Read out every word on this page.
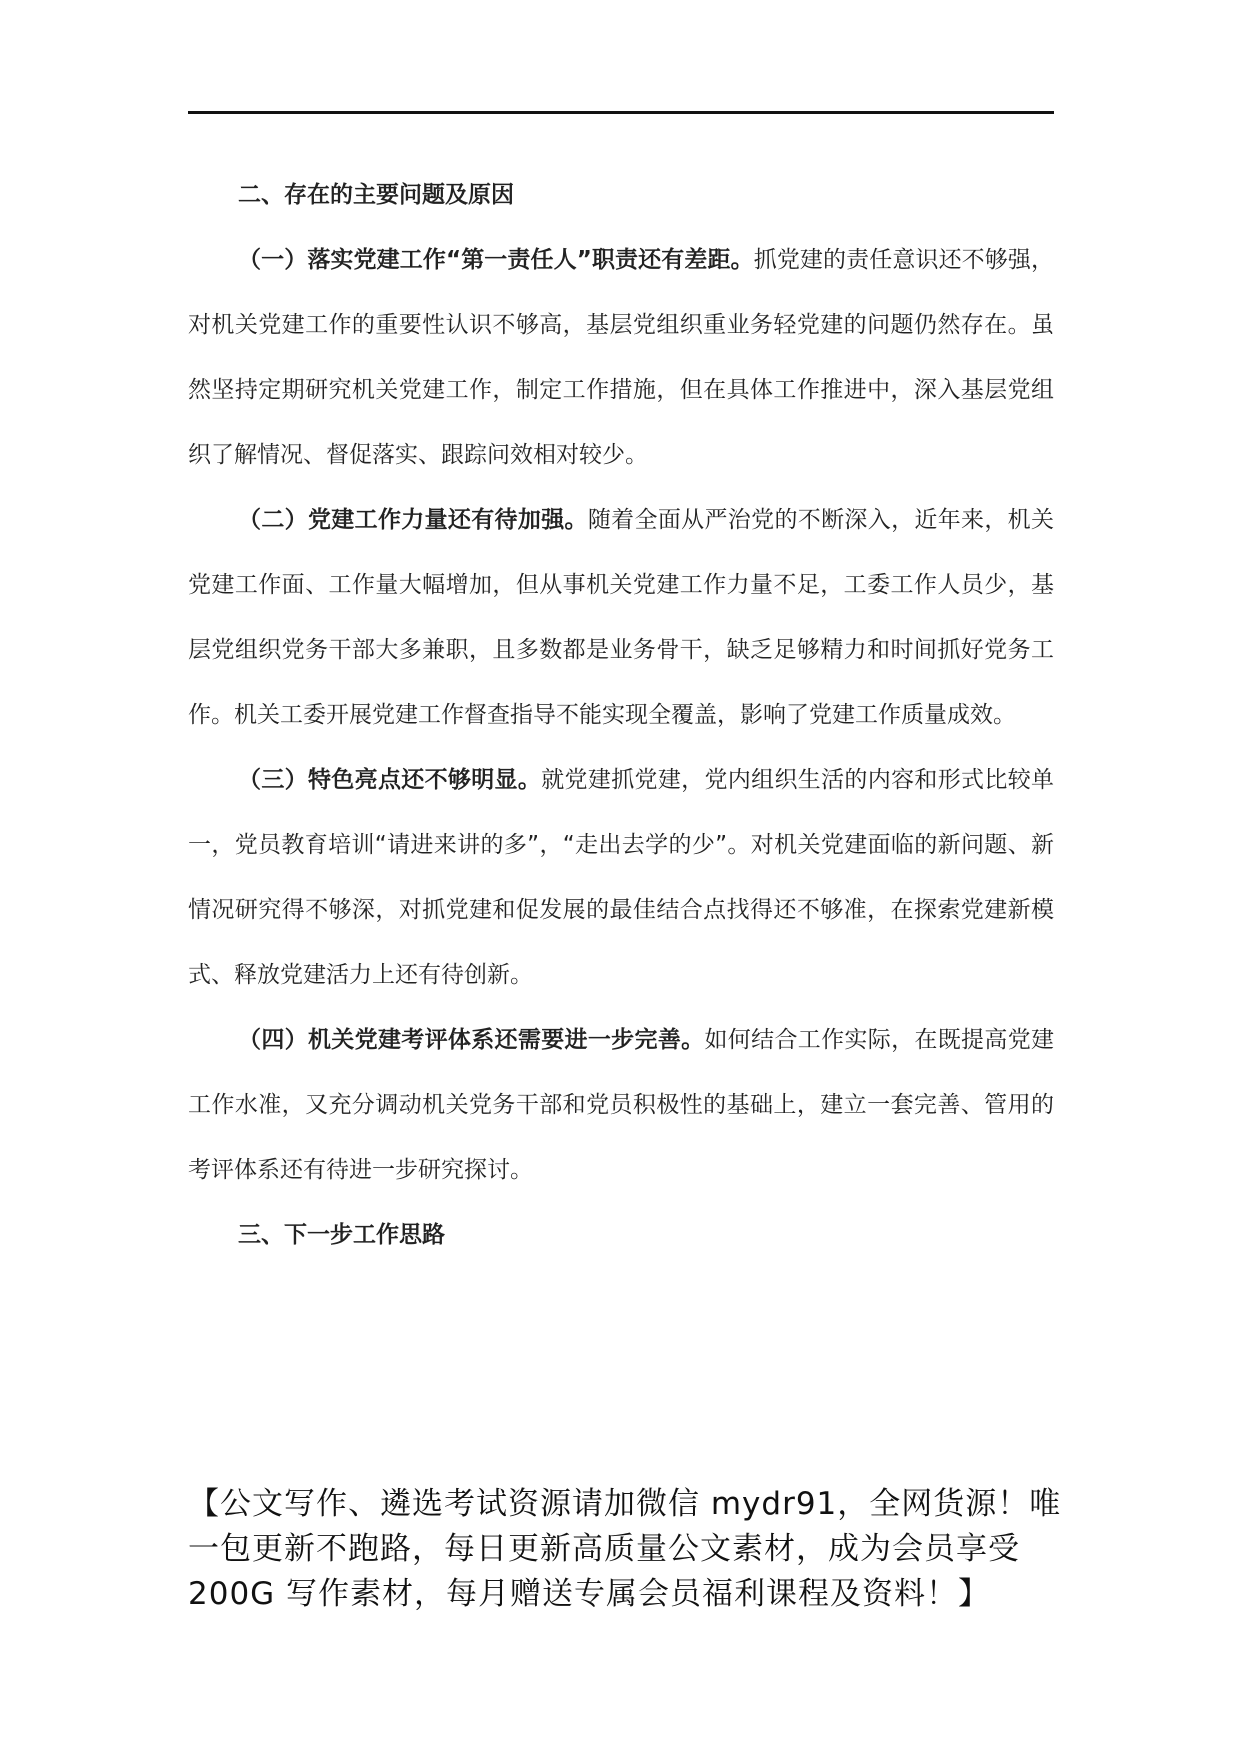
二、存在的主要问题及原因

（一）落实党建工作“第一责任人”职责还有差距。抓党建的责任意识还不够强，对机关党建工作的重要性认识不够高，基层党组织重业务轻党建的问题仍然存在。虽然坚持定期研究机关党建工作，制定工作措施，但在具体工作推进中，深入基层党组织了解情况、督促落实、跟踪问效相对较少。

（二）党建工作力量还有待加强。随着全面从严治党的不断深入，近年来，机关党建工作面、工作量大幅增加，但从事机关党建工作力量不足，工委工作人员少，基层党组织党务干部大多兼职，且多数都是业务骨干，缺乏足够精力和时间抓好党务工作。机关工委开展党建工作督查指导不能实现全覆盖，影响了党建工作质量成效。

（三）特色亮点还不够明显。就党建抓党建，党内组织生活的内容和形式比较单一，党员教育培训“请进来讲的多”，“走出去学的少”。对机关党建面临的新问题、新情况研究得不够深，对抓党建和促发展的最佳结合点找得还不够准，在探索党建新模式、释放党建活力上还有待创新。

（四）机关党建考评体系还需要进一步完善。如何结合工作实际，在既提高党建工作水准，又充分调动机关党务干部和党员积极性的基础上，建立一套完善、管用的考评体系还有待进一步研究探讨。

三、下一步工作思路

【公文写作、遴选考试资源请加微信 mydr91，全网货源！唯一包更新不跑路，每日更新高质量公文素材，成为会员享受 200G 写作素材，每月赠送专属会员福利课程及资料！】
